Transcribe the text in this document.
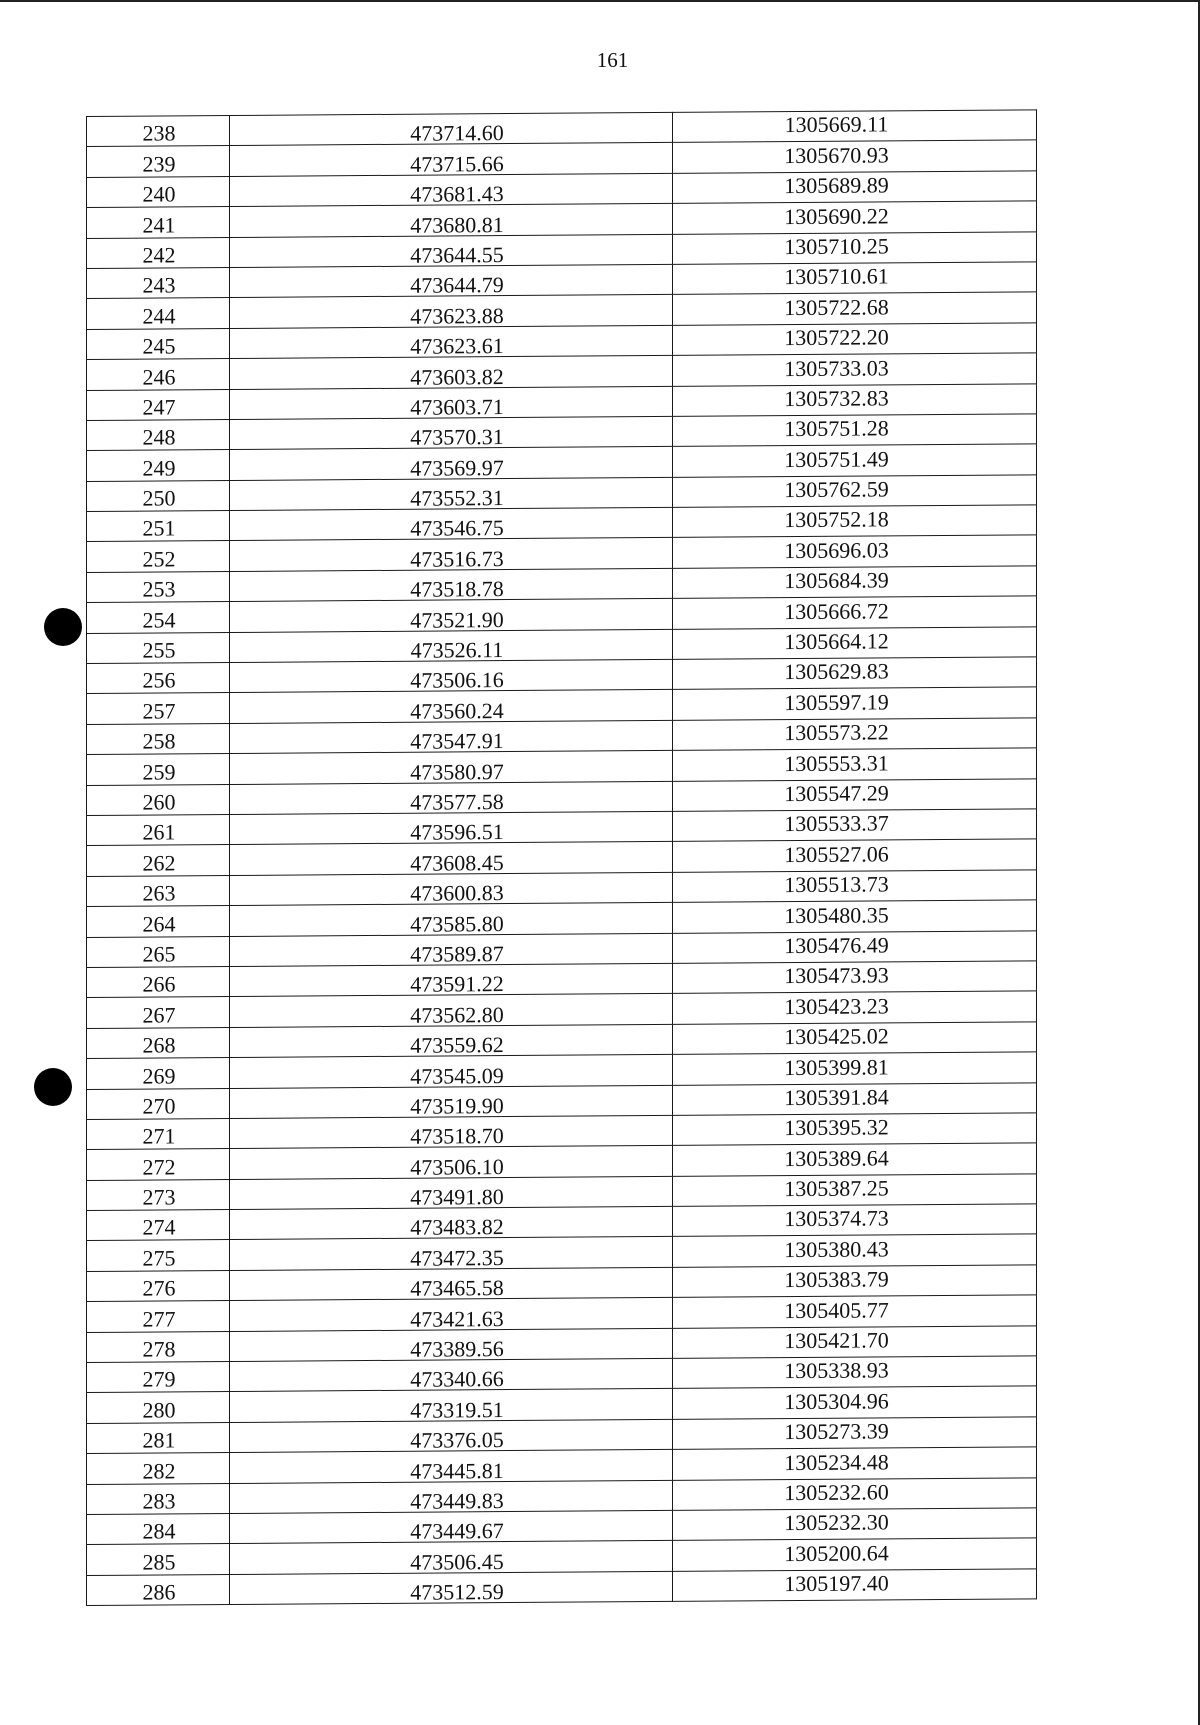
161
238	473714.60	1305669.11
239	473715.66	1305670.93
240	473681.43	1305689.89
241	473680.81	1305690.22
242	473644.55	1305710.25
243	473644.79	1305710.61
244	473623.88	1305722.68
245	473623.61	1305722.20
246	473603.82	1305733.03
247	473603.71	1305732.83
248	473570.31	1305751.28
249	473569.97	1305751.49
250	473552.31	1305762.59
251	473546.75	1305752.18
252	473516.73	1305696.03
253	473518.78	1305684.39
254	473521.90	1305666.72
255	473526.11	1305664.12
256	473506.16	1305629.83
257	473560.24	1305597.19
258	473547.91	1305573.22
259	473580.97	1305553.31
260	473577.58	1305547.29
261	473596.51	1305533.37
262	473608.45	1305527.06
263	473600.83	1305513.73
264	473585.80	1305480.35
265	473589.87	1305476.49
266	473591.22	1305473.93
267	473562.80	1305423.23
268	473559.62	1305425.02
269	473545.09	1305399.81
270	473519.90	1305391.84
271	473518.70	1305395.32
272	473506.10	1305389.64
273	473491.80	1305387.25
274	473483.82	1305374.73
275	473472.35	1305380.43
276	473465.58	1305383.79
277	473421.63	1305405.77
278	473389.56	1305421.70
279	473340.66	1305338.93
280	473319.51	1305304.96
281	473376.05	1305273.39
282	473445.81	1305234.48
283	473449.83	1305232.60
284	473449.67	1305232.30
285	473506.45	1305200.64
286	473512.59	1305197.40
